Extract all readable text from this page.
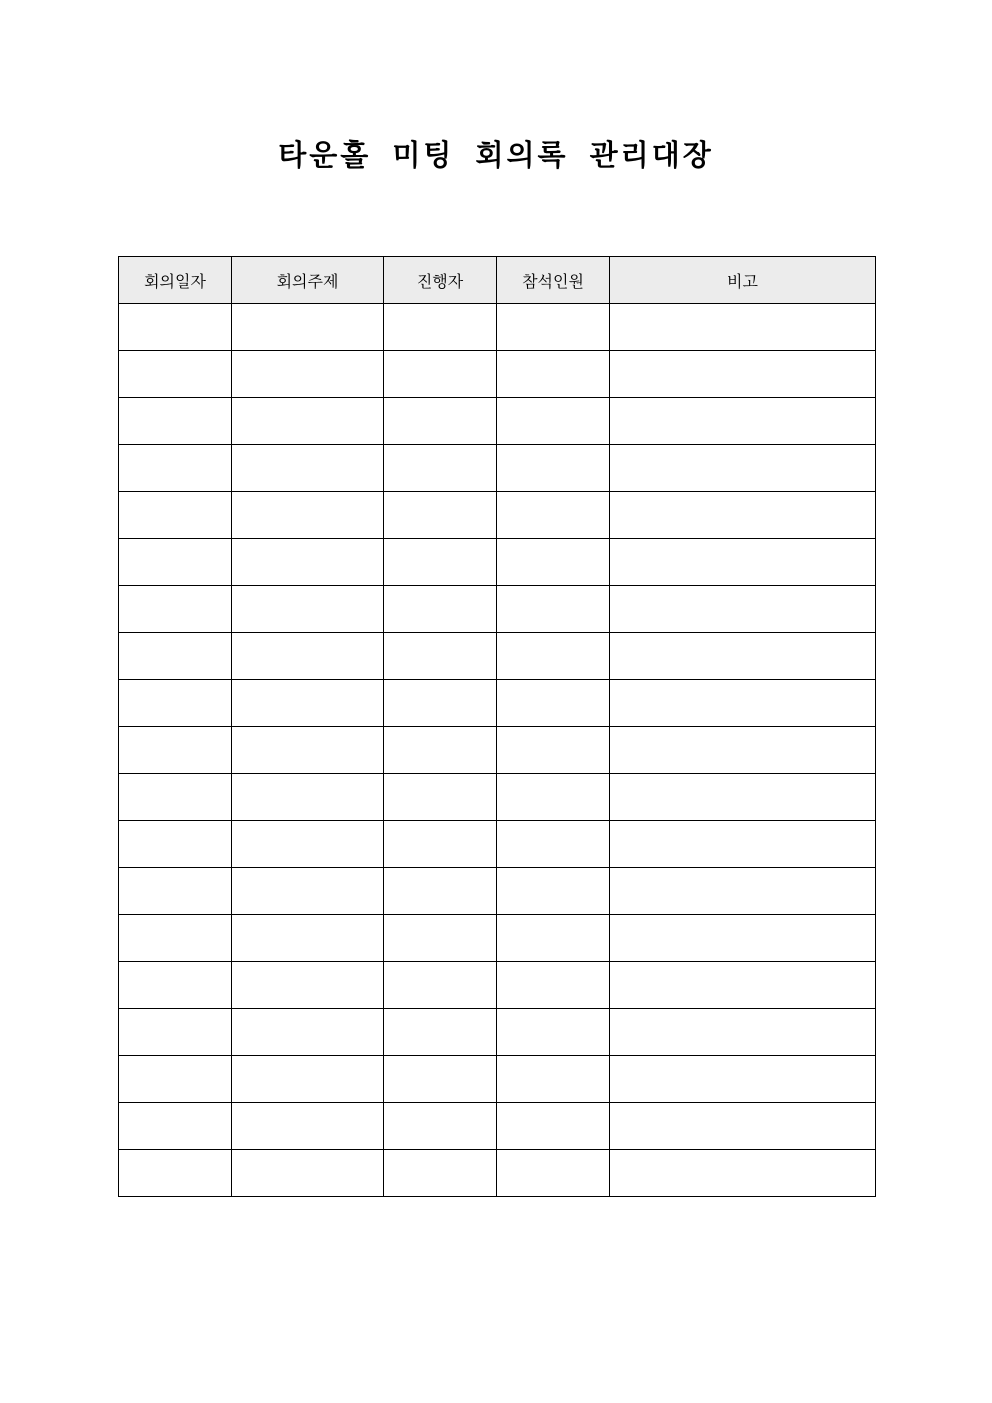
타운홀 미팅 회의록 관리대장
회의일자	회의주제	진행자	참석인원	비고
